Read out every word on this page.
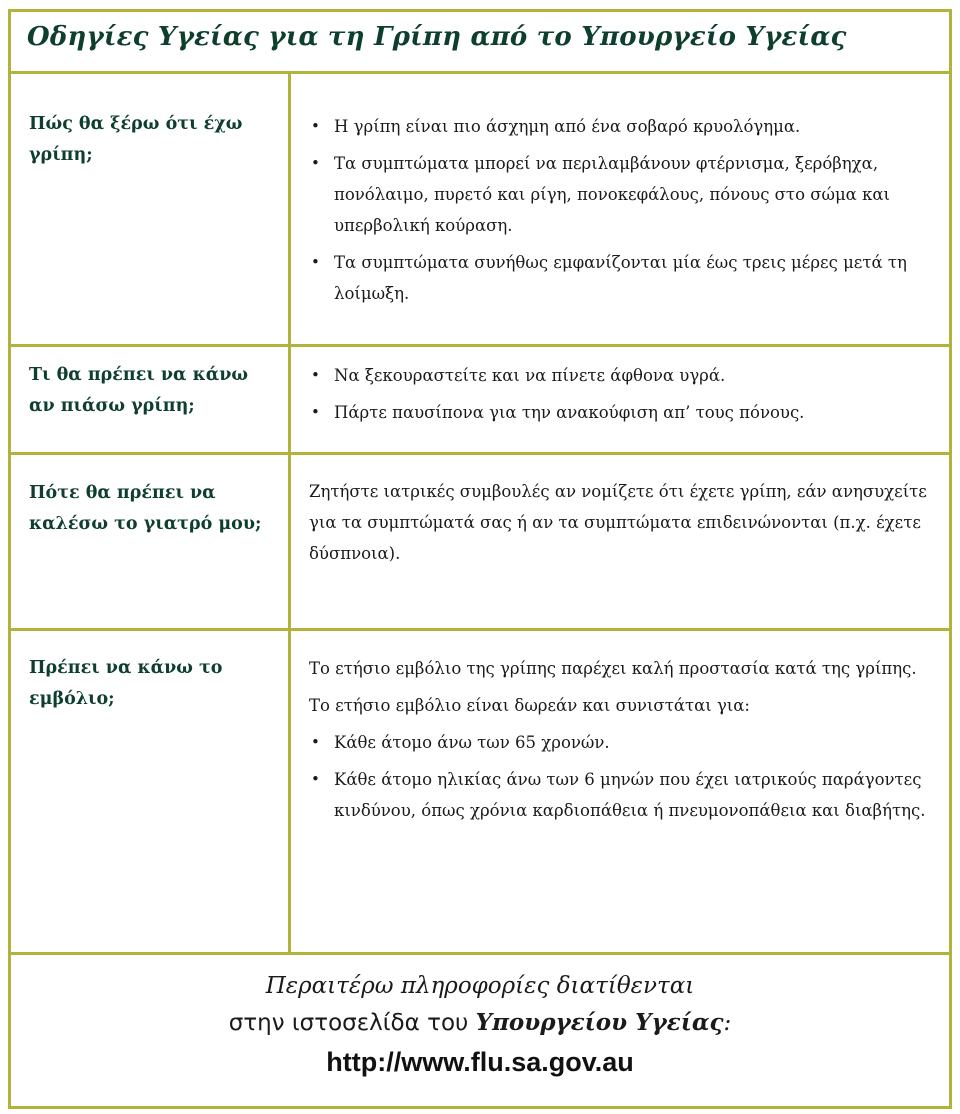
Οδηγίες Υγείας για τη Γρίπη από το Υπουργείο Υγείας

Πώς θα ξέρω ότι έχω γρίπη;

• Η γρίπη είναι πιο άσχημη από ένα σοβαρό κρυολόγημα.
• Τα συμπτώματα μπορεί να περιλαμβάνουν φτέρνισμα, ξερόβηχα, πονόλαιμο, πυρετό και ρίγη, πονοκεφάλους, πόνους στο σώμα και υπερβολική κούραση.
• Τα συμπτώματα συνήθως εμφανίζονται μία έως τρεις μέρες μετά τη λοίμωξη.

Τι θα πρέπει να κάνω αν πιάσω γρίπη;

• Να ξεκουραστείτε και να πίνετε άφθονα υγρά.
• Πάρτε παυσίπονα για την ανακούφιση απ’ τους πόνους.

Πότε θα πρέπει να καλέσω το γιατρό μου;

Ζητήστε ιατρικές συμβουλές αν νομίζετε ότι έχετε γρίπη, εάν ανησυχείτε για τα συμπτώματά σας ή αν τα συμπτώματα επιδεινώνονται (π.χ. έχετε δύσπνοια).

Πρέπει να κάνω το εμβόλιο;

Το ετήσιο εμβόλιο της γρίπης παρέχει καλή προστασία κατά της γρίπης.

Το ετήσιο εμβόλιο είναι δωρεάν και συνιστάται για:

• Κάθε άτομο άνω των 65 χρονών.
• Κάθε άτομο ηλικίας άνω των 6 μηνών που έχει ιατρικούς παράγοντες κινδύνου, όπως χρόνια καρδιοπάθεια ή πνευμονοπάθεια και διαβήτης.

Περαιτέρω πληροφορίες διατίθενται

στην ιστοσελίδα του Υπουργείου Υγείας:

http://www.flu.sa.gov.au
